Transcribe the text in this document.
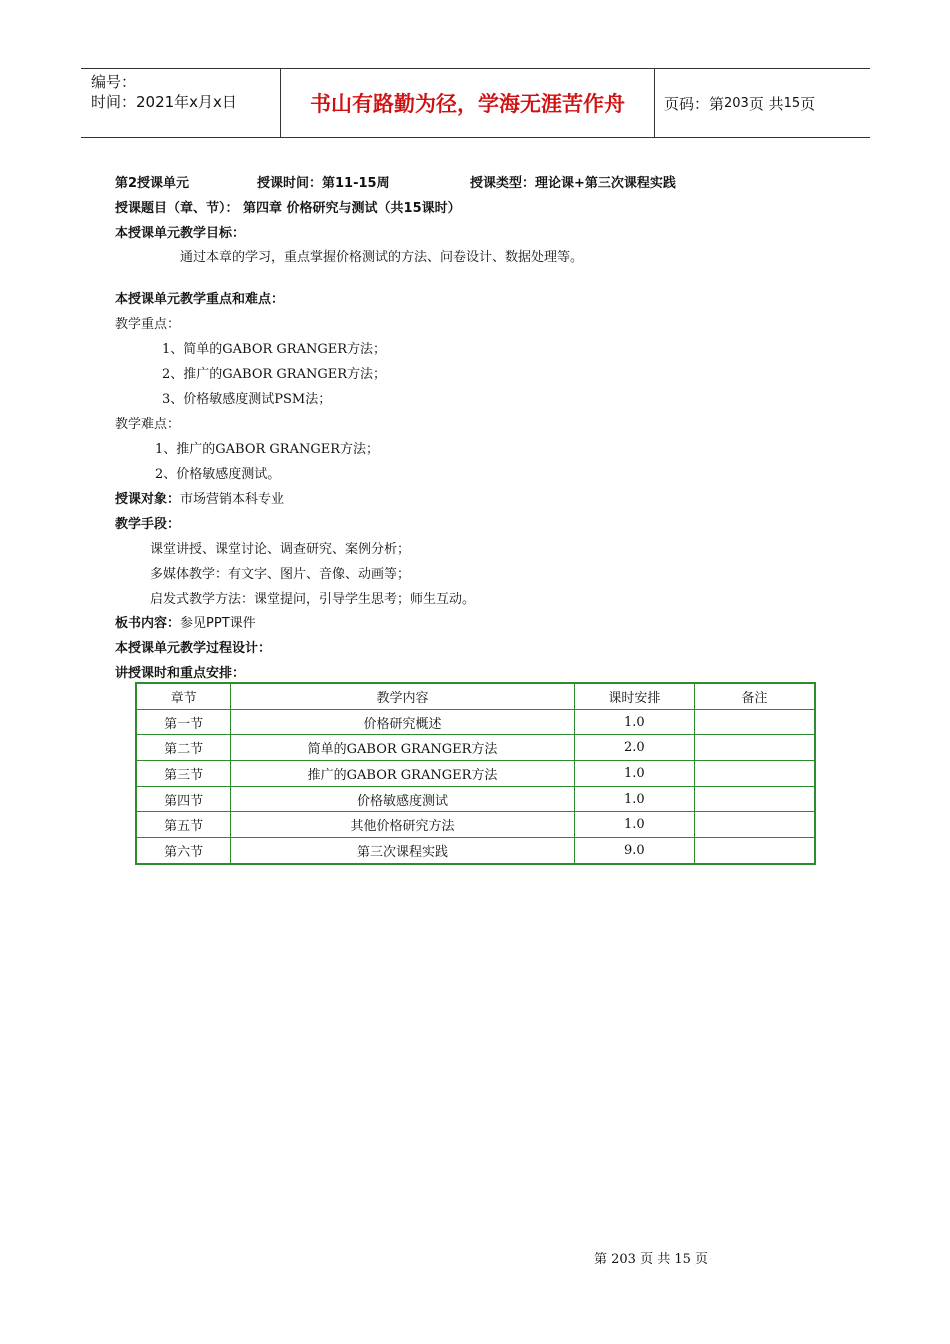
编号：
时间：2021年x月x日	书山有路勤为径，学海无涯苦作舟	页码：第 203 页 共 15 页
第2授课单元	授课时间：第11-15周	授课类型：理论课+第三次课程实践
授课题目（章、节）： 第四章 价格研究与测试（共15课时）
本授课单元教学目标：
通过本章的学习，重点掌握价格测试的方法、问卷设计、数据处理等。
本授课单元教学重点和难点：
教学重点：
1、简单的GABOR GRANGER方法；
2、推广的GABOR GRANGER方法；
3、价格敏感度测试PSM法；
教学难点：
1、推广的GABOR GRANGER方法；
2、价格敏感度测试。
授课对象：市场营销本科专业
教学手段：
课堂讲授、课堂讨论、调查研究、案例分析；
多媒体教学：有文字、图片、音像、动画等；
启发式教学方法：课堂提问，引导学生思考；师生互动。
板书内容：参见PPT课件
本授课单元教学过程设计：
讲授课时和重点安排：
章节	教学内容	课时安排	备注
第一节	价格研究概述	1.0	
第二节	简单的GABOR GRANGER方法	2.0	
第三节	推广的GABOR GRANGER方法	1.0	
第四节	价格敏感度测试	1.0	
第五节	其他价格研究方法	1.0	
第六节	第三次课程实践	9.0	
第 203 页 共 15 页
